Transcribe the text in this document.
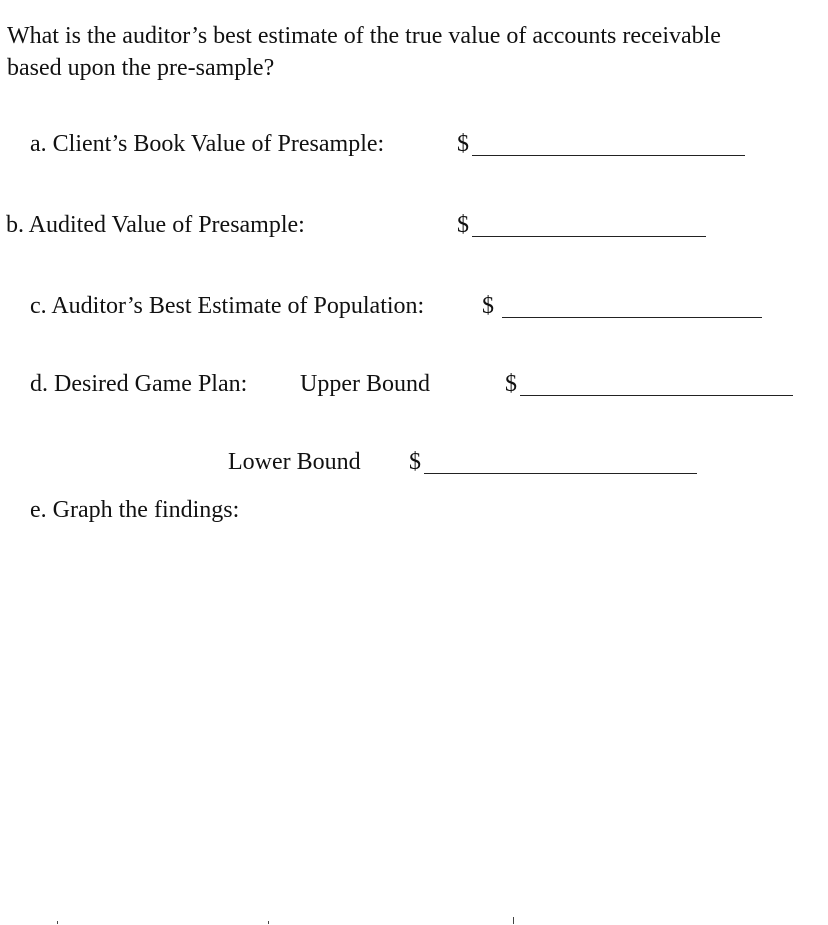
What is the auditor’s best estimate of the true value of accounts receivable
based upon the pre-sample?
a. Client’s Book Value of Presample:	$
b. Audited Value of Presample:	$
c. Auditor’s Best Estimate of Population: $
d. Desired Game Plan: Upper Bound	$
Lower Bound $
e. Graph the findings:
